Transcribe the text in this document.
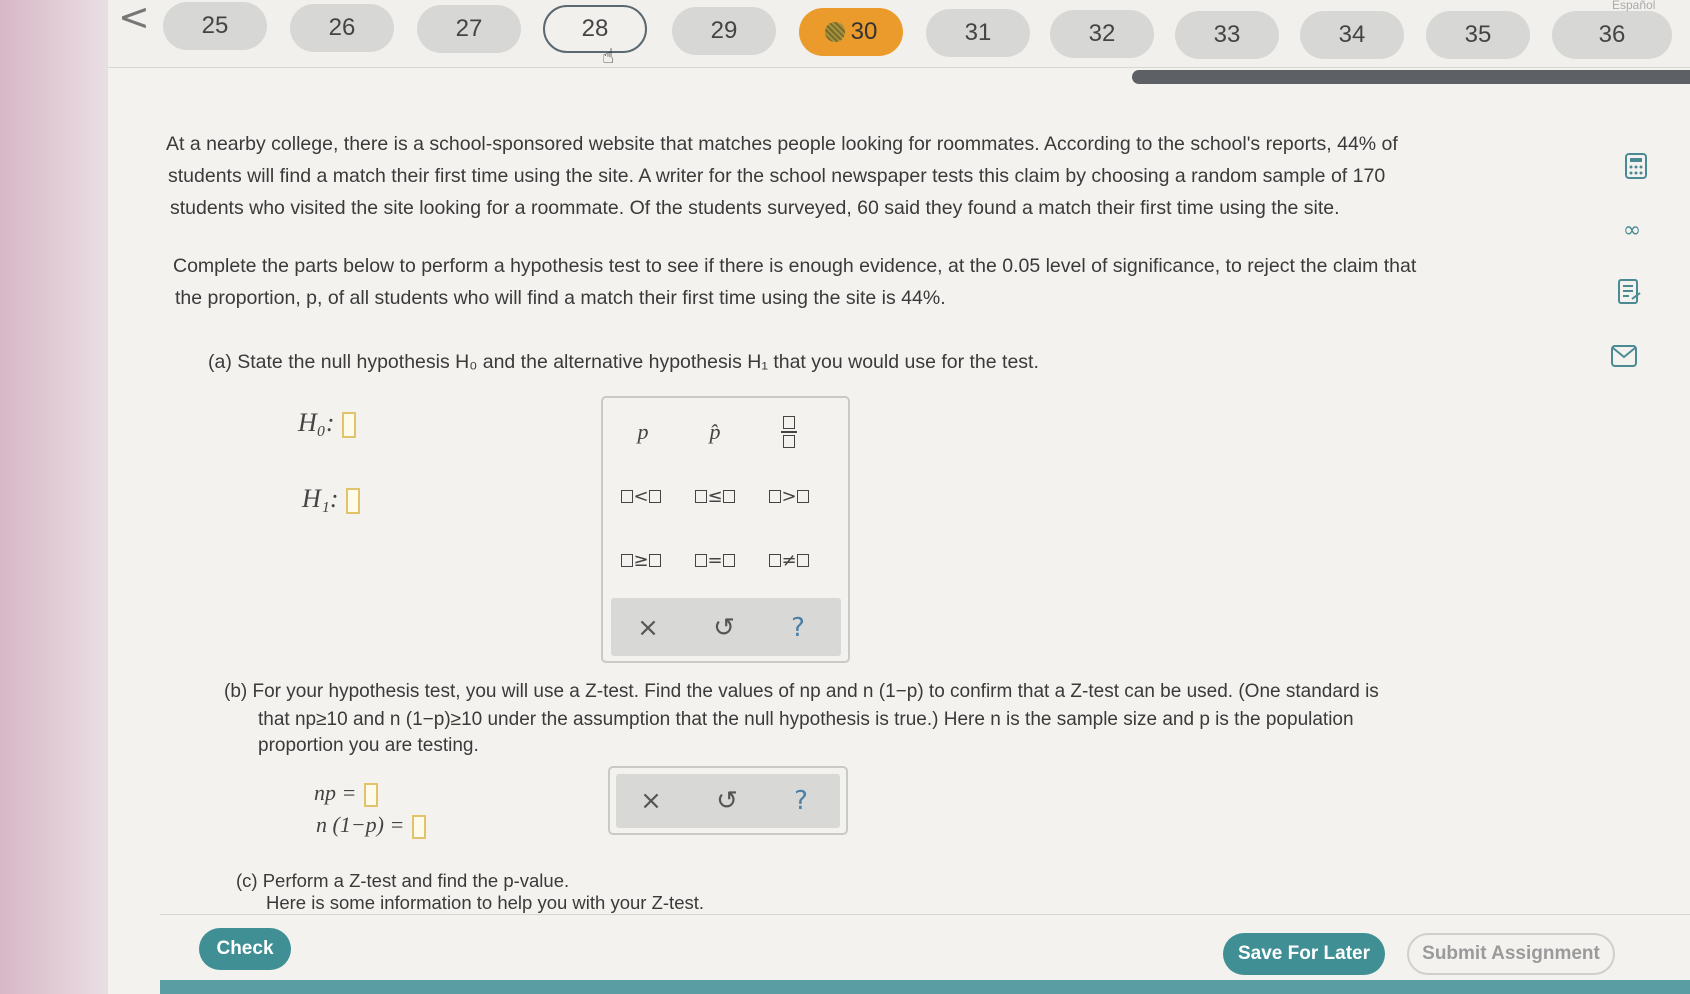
<	25	26	27	28	29	30	31	32	33	34	35	36
Español
☝
At a nearby college, there is a school-sponsored website that matches people looking for roommates. According to the school's reports, 44% of
students will find a match their first time using the site. A writer for the school newspaper tests this claim by choosing a random sample of 170
students who visited the site looking for a roommate. Of the students surveyed, 60 said they found a match their first time using the site.
Complete the parts below to perform a hypothesis test to see if there is enough evidence, at the 0.05 level of significance, to reject the claim that
the proportion, p, of all students who will find a match their first time using the site is 44%.
(a) State the null hypothesis H₀ and the alternative hypothesis H₁ that you would use for the test.
H₀:
H₁:
p	p̂
<	≤	>
≥	=	≠
×	↺	?
(b) For your hypothesis test, you will use a Z-test. Find the values of np and n (1−p) to confirm that a Z-test can be used. (One standard is
that np≥10 and n (1−p)≥10 under the assumption that the null hypothesis is true.) Here n is the sample size and p is the population
proportion you are testing.
np =
n (1−p) =
×	↺	?
(c) Perform a Z-test and find the p-value.
Here is some information to help you with your Z-test.
∞
Check	Save For Later	Submit Assignment
